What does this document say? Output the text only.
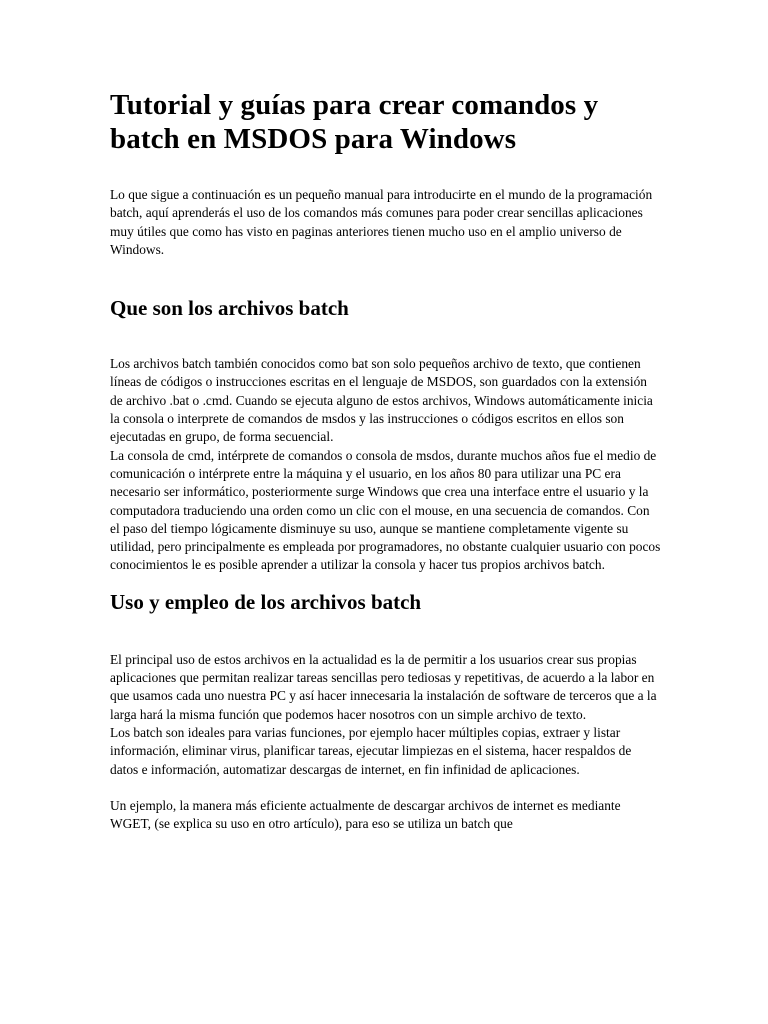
Tutorial y guías para crear comandos y batch en MSDOS para Windows

Lo que sigue a continuación es un pequeño manual para introducirte en el mundo de la programación batch, aquí aprenderás el uso de los comandos más comunes para poder crear sencillas aplicaciones muy útiles que como has visto en paginas anteriores tienen mucho uso en el amplio universo de Windows.

Que son los archivos batch

Los archivos batch también conocidos como bat son solo pequeños archivo de texto, que contienen líneas de códigos o instrucciones escritas en el lenguaje de MSDOS, son guardados con la extensión de archivo .bat o .cmd. Cuando se ejecuta alguno de estos archivos, Windows automáticamente inicia la consola o interprete de comandos de msdos y las instrucciones o códigos escritos en ellos son ejecutadas en grupo, de forma secuencial.

La consola de cmd, intérprete de comandos o consola de msdos, durante muchos años fue el medio de comunicación o intérprete entre la máquina y el usuario, en los años 80 para utilizar una PC era necesario ser informático, posteriormente surge Windows que crea una interface entre el usuario y la computadora traduciendo una orden como un clic con el mouse, en una secuencia de comandos. Con el paso del tiempo lógicamente disminuye su uso, aunque se mantiene completamente vigente su utilidad, pero principalmente es empleada por programadores, no obstante cualquier usuario con pocos conocimientos le es posible aprender a utilizar la consola y hacer tus propios archivos batch.

Uso y empleo de los archivos batch

El principal uso de estos archivos en la actualidad es la de permitir a los usuarios crear sus propias aplicaciones que permitan realizar tareas sencillas pero tediosas y repetitivas, de acuerdo a la labor en que usamos cada uno nuestra PC y así hacer innecesaria la instalación de software de terceros que a la larga hará la misma función que podemos hacer nosotros con un simple archivo de texto.

Los batch son ideales para varias funciones, por ejemplo hacer múltiples copias, extraer y listar información, eliminar virus, planificar tareas, ejecutar limpiezas en el sistema, hacer respaldos de datos e información, automatizar descargas de internet, en fin infinidad de aplicaciones.

Un ejemplo, la manera más eficiente actualmente de descargar archivos de internet es mediante WGET, (se explica su uso en otro artículo), para eso se utiliza un batch que
